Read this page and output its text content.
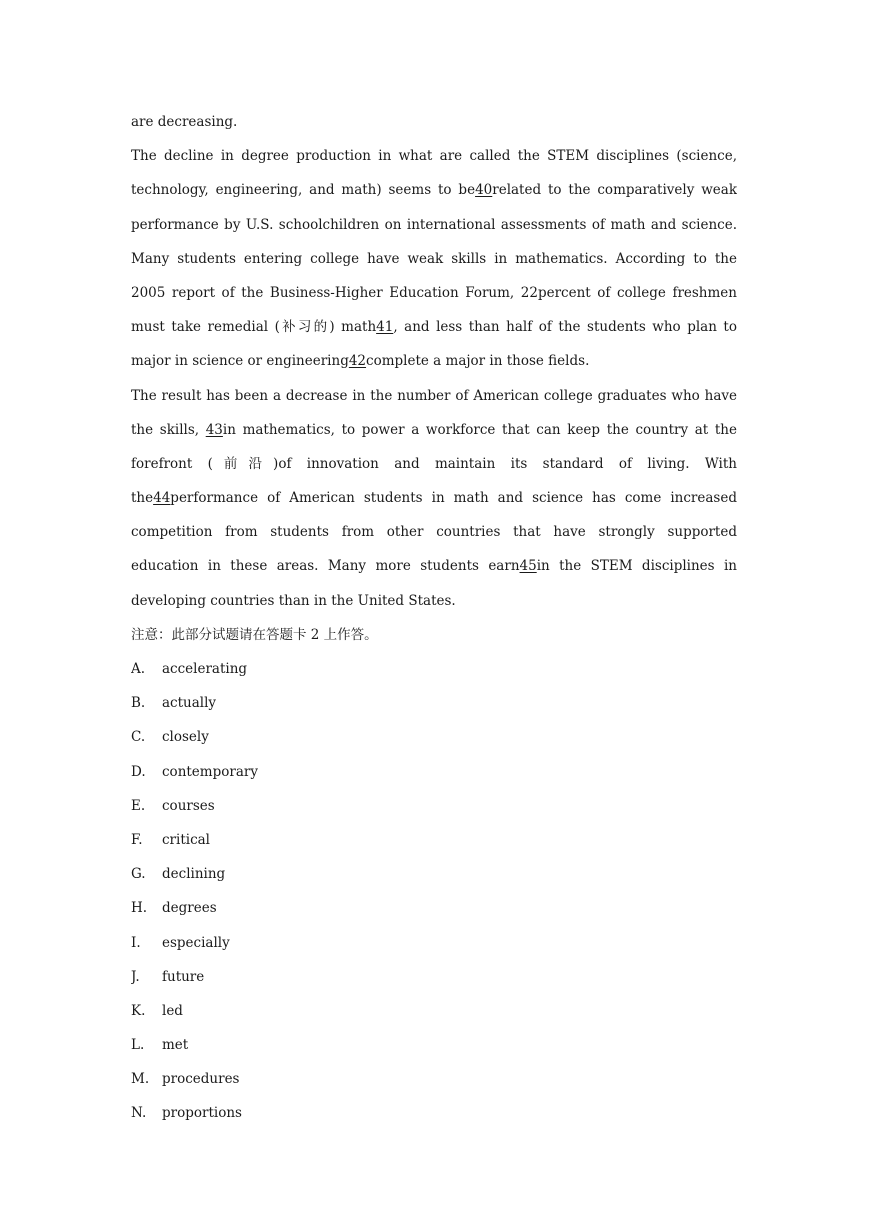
are decreasing.
The decline in degree production in what are called the STEM disciplines (science,
technology, engineering, and math) seems to be40related to the comparatively weak
performance by U.S. schoolchildren on international assessments of math and science.
Many students entering college have weak skills in mathematics. According to the
2005 report of the Business-Higher Education Forum, 22percent of college freshmen
must take remedial (补习的) math41, and less than half of the students who plan to
major in science or engineering42complete a major in those fields.
The result has been a decrease in the number of American college graduates who have
the skills, 43in mathematics, to power a workforce that can keep the country at the
forefront (前沿)of innovation and maintain its standard of living. With
the44performance of American students in math and science has come increased
competition from students from other countries that have strongly supported
education in these areas. Many more students earn45in the STEM disciplines in
developing countries than in the United States.
注意：此部分试题请在答题卡 2 上作答。
A.	accelerating
B.	actually
C.	closely
D.	contemporary
E.	courses
F.	critical
G.	declining
H.	degrees
I.	especially
J.	future
K.	led
L.	met
M. procedures
N.	proportions
